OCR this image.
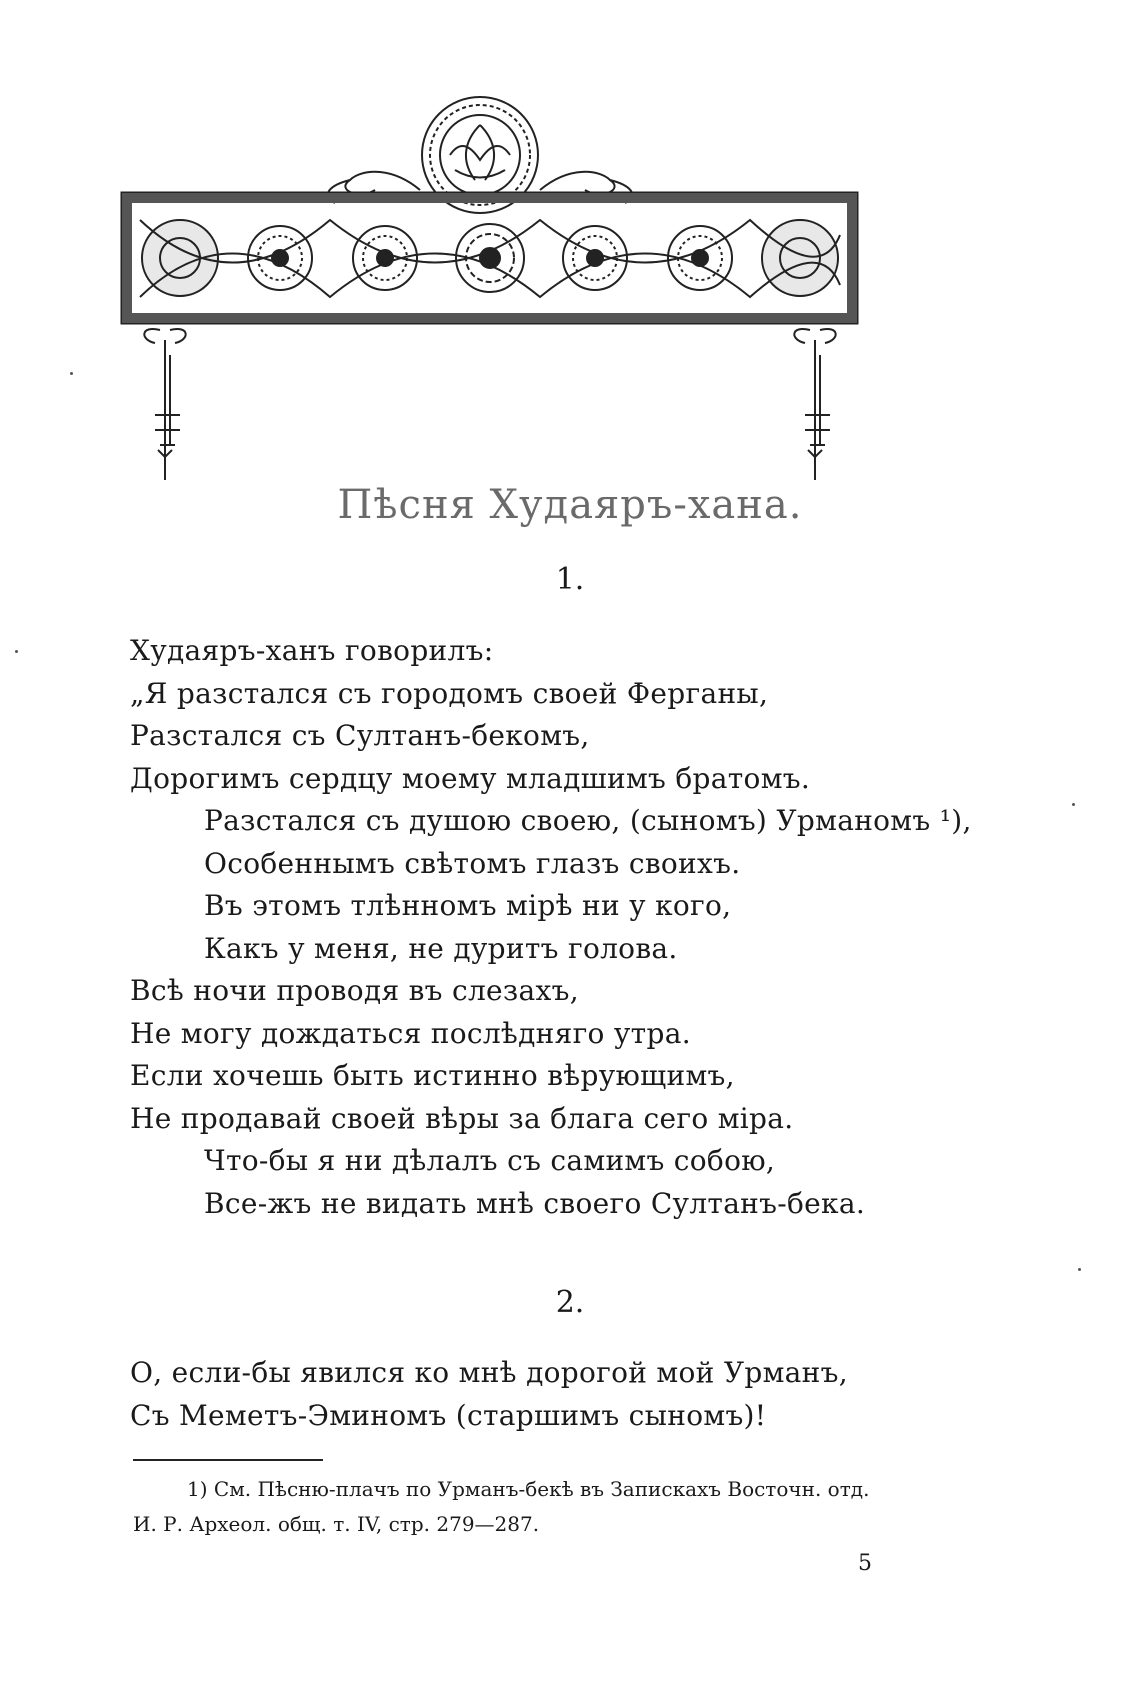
Пѣсня Худаяръ-хана.
1.
Худаяръ-ханъ говорилъ:
„Я разстался съ городомъ своей Ферганы,
Разстался съ Султанъ-бекомъ,
Дорогимъ сердцу моему младшимъ братомъ.
Разстался съ душою своею, (сыномъ) Урманомъ ¹),
Особеннымъ свѣтомъ глазъ своихъ.
Въ этомъ тлѣнномъ мірѣ ни у кого,
Какъ у меня, не дуритъ голова.
Всѣ ночи проводя въ слезахъ,
Не могу дождаться послѣдняго утра.
Если хочешь быть истинно вѣрующимъ,
Не продавай своей вѣры за блага сего міра.
Что-бы я ни дѣлалъ съ самимъ собою,
Все-жъ не видать мнѣ своего Султанъ-бека.
2.
О, если-бы явился ко мнѣ дорогой мой Урманъ,
Съ Меметъ-Эминомъ (старшимъ сыномъ)!
1) См. Пѣсню-плачъ по Урманъ-бекѣ въ Запискахъ Восточн. отд.
И. Р. Археол. общ. т. IV, стр. 279—287.
5
